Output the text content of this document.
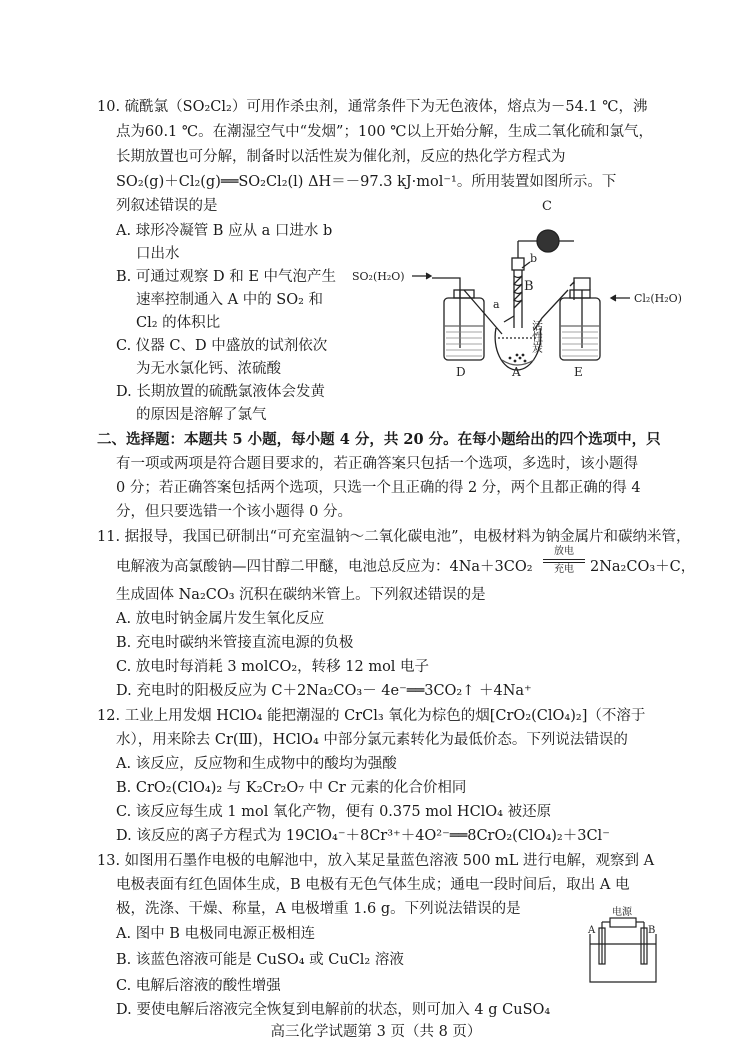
10. 硫酰氯（SO₂Cl₂）可用作杀虫剂，通常条件下为无色液体，熔点为－54.1 ℃，沸
点为60.1 ℃。在潮湿空气中“发烟”；100 ℃以上开始分解，生成二氧化硫和氯气，
长期放置也可分解，制备时以活性炭为催化剂，反应的热化学方程式为
SO₂(g)＋Cl₂(g)══SO₂Cl₂(l) ΔH＝－97.3 kJ·mol⁻¹。所用装置如图所示。下
列叙述错误的是
A. 球形冷凝管 B 应从 a 口进水 b
口出水
B. 可通过观察 D 和 E 中气泡产生
速率控制通入 A 中的 SO₂ 和
Cl₂ 的体积比
C. 仪器 C、D 中盛放的试剂依次
为无水氯化钙、浓硫酸
D. 长期放置的硫酰氯液体会发黄
的原因是溶解了氯气
SO₂(H₂O)
Cl₂(H₂O)
C
B
a
b
活性炭
D	A	E
二、选择题：本题共 5 小题，每小题 4 分，共 20 分。在每小题给出的四个选项中，只
有一项或两项是符合题目要求的，若正确答案只包括一个选项，多选时，该小题得
0 分；若正确答案包括两个选项，只选一个且正确的得 2 分，两个且都正确的得 4
分，但只要选错一个该小题得 0 分。
11. 据报导，我国已研制出“可充室温钠～二氧化碳电池”，电极材料为钠金属片和碳纳米管，
电解液为高氯酸钠—四甘醇二甲醚，电池总反应为：4Na＋3CO₂
放电
充电	2Na₂CO₃＋C，
生成固体 Na₂CO₃ 沉积在碳纳米管上。下列叙述错误的是
A. 放电时钠金属片发生氧化反应
B. 充电时碳纳米管接直流电源的负极
C. 放电时每消耗 3 molCO₂，转移 12 mol 电子
D. 充电时的阳极反应为 C＋2Na₂CO₃－ 4e⁻══3CO₂↑ ＋4Na⁺
12. 工业上用发烟 HClO₄ 能把潮湿的 CrCl₃ 氧化为棕色的烟[CrO₂(ClO₄)₂]（不溶于
水），用来除去 Cr(Ⅲ)，HClO₄ 中部分氯元素转化为最低价态。下列说法错误的
A. 该反应，反应物和生成物中的酸均为强酸
B. CrO₂(ClO₄)₂ 与 K₂Cr₂O₇ 中 Cr 元素的化合价相同
C. 该反应每生成 1 mol 氧化产物，便有 0.375 mol HClO₄ 被还原
D. 该反应的离子方程式为 19ClO₄⁻＋8Cr³⁺＋4O²⁻══8CrO₂(ClO₄)₂＋3Cl⁻
13. 如图用石墨作电极的电解池中，放入某足量蓝色溶液 500 mL 进行电解，观察到 A
电极表面有红色固体生成，B 电极有无色气体生成；通电一段时间后，取出 A 电
极，洗涤、干燥、称量，A 电极增重 1.6 g。下列说法错误的是
A. 图中 B 电极同电源正极相连
B. 该蓝色溶液可能是 CuSO₄ 或 CuCl₂ 溶液
C. 电解后溶液的酸性增强
D. 要使电解后溶液完全恢复到电解前的状态，则可加入 4 g CuSO₄
电源
A	B
高三化学试题第 3 页（共 8 页）
